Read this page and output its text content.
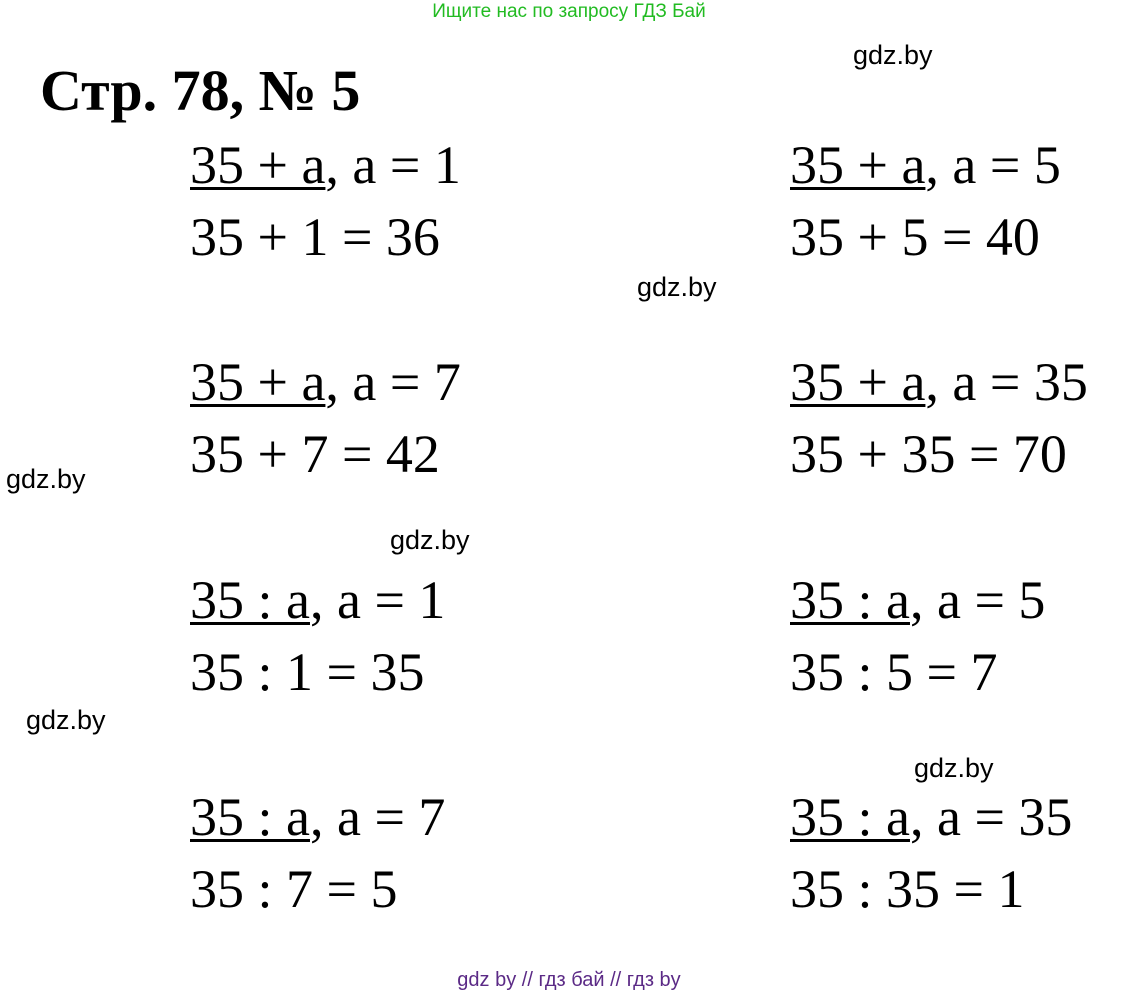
Ищите нас по запросу ГДЗ Бай
Стр. 78, № 5
gdz.by
gdz.by
gdz.by
gdz.by
gdz.by
gdz.by
35 + a, a = 1
35 + 1 = 36
35 + a, a = 5
35 + 5 = 40
35 + a, a = 7
35 + 7 = 42
35 + a, a = 35
35 + 35 = 70
35 : a, a = 1
35 : 1 = 35
35 : a, a = 5
35 : 5 = 7
35 : a, a = 7
35 : 7 = 5
35 : a, a = 35
35 : 35 = 1
gdz by // гдз бай // гдз by
